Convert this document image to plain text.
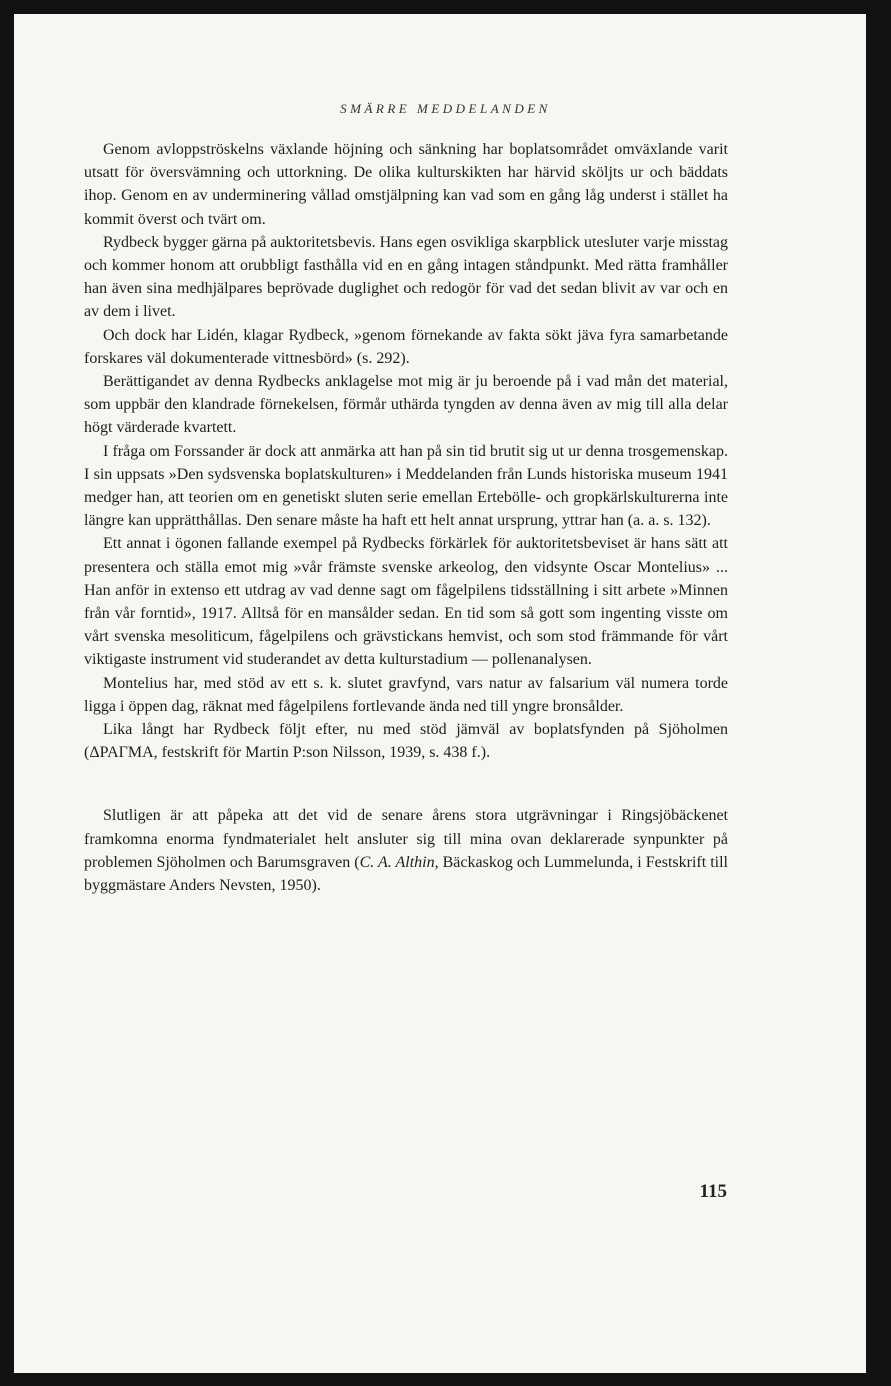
SMÄRRE MEDDELANDEN

Genom avloppströskelns växlande höjning och sänkning har boplatsområdet omväxlande varit utsatt för översvämning och uttorkning. De olika kulturskikten har härvid sköljts ur och bäddats ihop. Genom en av underminering vållad omstjälpning kan vad som en gång låg underst i stället ha kommit överst och tvärt om.

Rydbeck bygger gärna på auktoritetsbevis. Hans egen osvikliga skarpblick utesluter varje misstag och kommer honom att orubbligt fasthålla vid en en gång intagen ståndpunkt. Med rätta framhåller han även sina medhjälpares beprövade duglighet och redogör för vad det sedan blivit av var och en av dem i livet.

Och dock har Lidén, klagar Rydbeck, »genom förnekande av fakta sökt jäva fyra samarbetande forskares väl dokumenterade vittnesbörd» (s. 292).

Berättigandet av denna Rydbecks anklagelse mot mig är ju beroende på i vad mån det material, som uppbär den klandrade förnekelsen, förmår uthärda tyngden av denna även av mig till alla delar högt värderade kvartett.

I fråga om Forssander är dock att anmärka att han på sin tid brutit sig ut ur denna trosgemenskap. I sin uppsats »Den sydsvenska boplatskulturen» i Meddelanden från Lunds historiska museum 1941 medger han, att teorien om en genetiskt sluten serie emellan Ertebölle- och gropkärlskulturerna inte längre kan upprätthållas. Den senare måste ha haft ett helt annat ursprung, yttrar han (a. a. s. 132).

Ett annat i ögonen fallande exempel på Rydbecks förkärlek för auktoritetsbeviset är hans sätt att presentera och ställa emot mig »vår främste svenske arkeolog, den vidsynte Oscar Montelius» ... Han anför in extenso ett utdrag av vad denne sagt om fågelpilens tidsställning i sitt arbete »Minnen från vår forntid», 1917. Alltså för en mansålder sedan. En tid som så gott som ingenting visste om vårt svenska mesoliticum, fågelpilens och grävstickans hemvist, och som stod främmande för vårt viktigaste instrument vid studerandet av detta kulturstadium — pollenanalysen.

Montelius har, med stöd av ett s. k. slutet gravfynd, vars natur av falsarium väl numera torde ligga i öppen dag, räknat med fågelpilens fortlevande ända ned till yngre bronsålder.

Lika långt har Rydbeck följt efter, nu med stöd jämväl av boplatsfynden på Sjöholmen (ΔΡΑΓΜΑ, festskrift för Martin P:son Nilsson, 1939, s. 438 f.).

Slutligen är att påpeka att det vid de senare årens stora utgrävningar i Ringsjöbäckenet framkomna enorma fyndmaterialet helt ansluter sig till mina ovan deklarerade synpunkter på problemen Sjöholmen och Barumsgraven (C. A. Althin, Bäckaskog och Lummelunda, i Festskrift till byggmästare Anders Nevsten, 1950).

115
